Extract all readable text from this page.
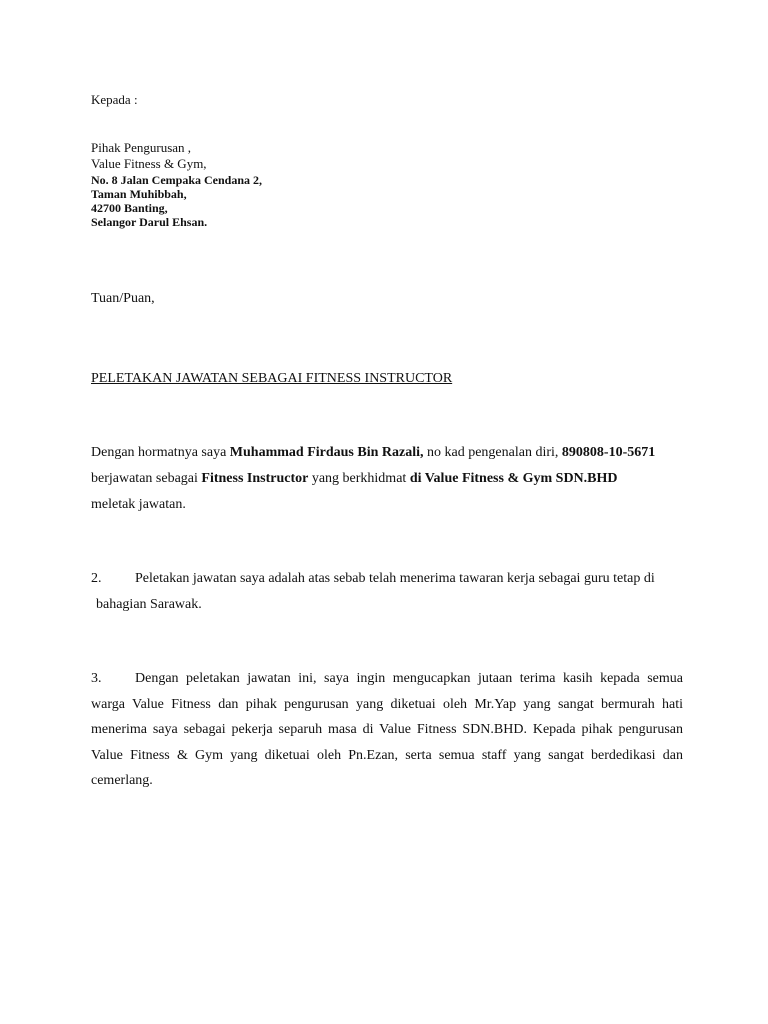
Kepada :
Pihak Pengurusan ,
Value Fitness & Gym,
No. 8 Jalan Cempaka Cendana 2,
Taman Muhibbah,
42700 Banting,
Selangor Darul Ehsan.
Tuan/Puan,
PELETAKAN JAWATAN SEBAGAI FITNESS INSTRUCTOR
Dengan hormatnya saya Muhammad Firdaus Bin Razali, no kad pengenalan diri, 890808-10-5671
berjawatan sebagai Fitness Instructor yang berkhidmat di Value Fitness & Gym SDN.BHD
meletak jawatan.
2. Peletakan jawatan saya adalah atas sebab telah menerima tawaran kerja sebagai guru tetap di
bahagian Sarawak.
3. Dengan peletakan jawatan ini, saya ingin mengucapkan jutaan terima kasih kepada semua
warga Value Fitness dan pihak pengurusan yang diketuai oleh Mr.Yap yang sangat bermurah hati
menerima saya sebagai pekerja separuh masa di Value Fitness SDN.BHD. Kepada pihak pengurusan
Value Fitness & Gym yang diketuai oleh Pn.Ezan, serta semua staff yang sangat berdedikasi dan
cemerlang.
